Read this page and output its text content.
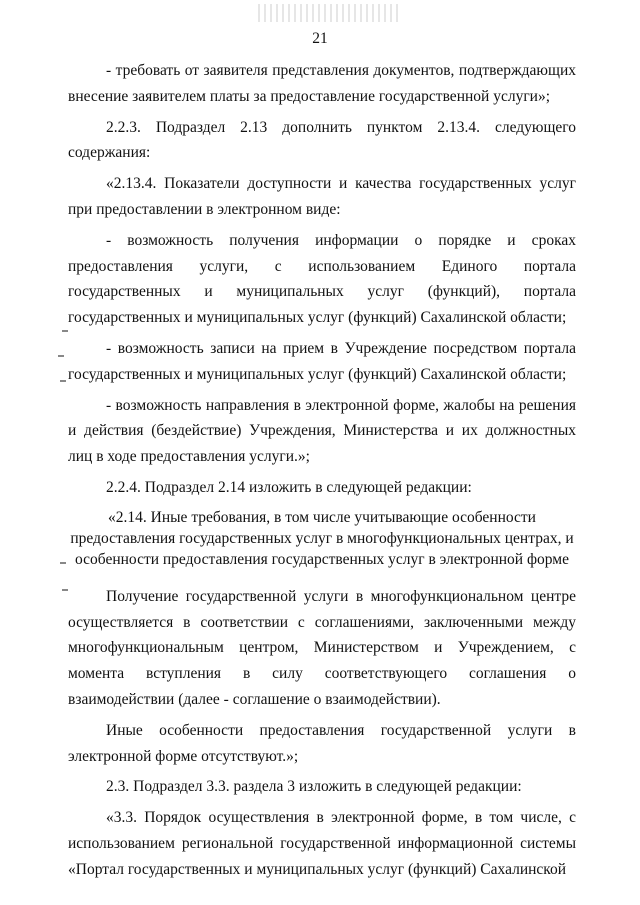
21

- требовать от заявителя представления документов, подтверждающих внесение заявителем платы за предоставление государственной услуги»;

2.2.3. Подраздел 2.13 дополнить пунктом 2.13.4. следующего содержания:

«2.13.4. Показатели доступности и качества государственных услуг при предоставлении в электронном виде:

- возможность получения информации о порядке и сроках предоставления услуги, с использованием Единого портала государственных и муниципальных услуг (функций), портала государственных и муниципальных услуг (функций) Сахалинской области;

- возможность записи на прием в Учреждение посредством портала государственных и муниципальных услуг (функций) Сахалинской области;

- возможность направления в электронной форме, жалобы на решения и действия (бездействие) Учреждения, Министерства и их должностных лиц в ходе предоставления услуги.»;

2.2.4. Подраздел 2.14 изложить в следующей редакции:

«2.14. Иные требования, в том числе учитывающие особенности
предоставления государственных услуг в многофункциональных центрах, и
особенности предоставления государственных услуг в электронной форме

Получение государственной услуги в многофункциональном центре осуществляется в соответствии с соглашениями, заключенными между многофункциональным центром, Министерством и Учреждением, с момента вступления в силу соответствующего соглашения о взаимодействии (далее - соглашение о взаимодействии).

Иные особенности предоставления государственной услуги в электронной форме отсутствуют.»;

2.3. Подраздел 3.3. раздела 3 изложить в следующей редакции:

«3.3. Порядок осуществления в электронной форме, в том числе, с использованием региональной государственной информационной системы «Портал государственных и муниципальных услуг (функций) Сахалинской
